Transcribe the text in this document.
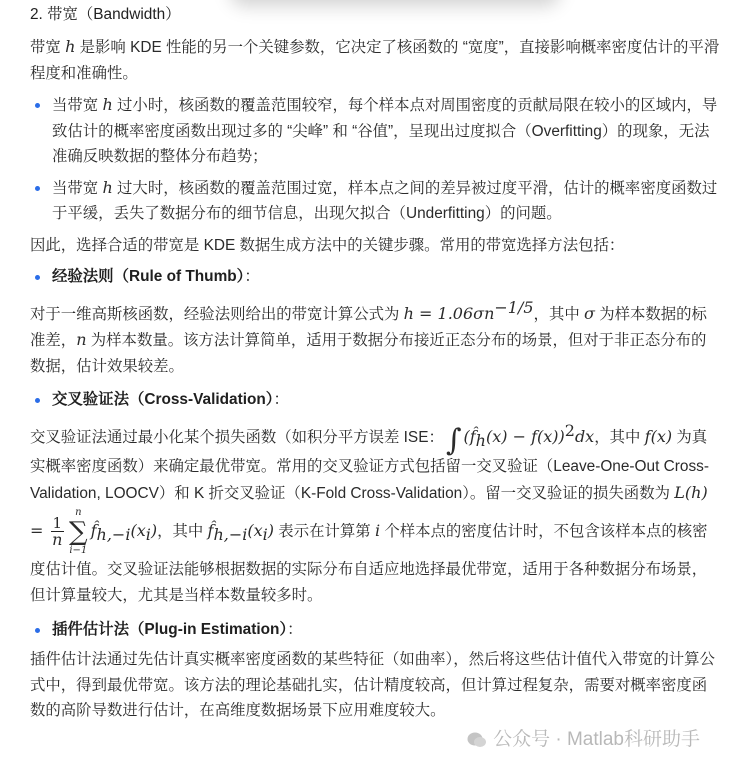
2. 带宽（Bandwidth）

带宽 h 是影响 KDE 性能的另一个关键参数，它决定了核函数的 “宽度”，直接影响概率密度估计的平滑程度和准确性。

当带宽 h 过小时，核函数的覆盖范围较窄，每个样本点对周围密度的贡献局限在较小的区域内，导致估计的概率密度函数出现过多的 “尖峰” 和 “谷值”，呈现出过度拟合（Overfitting）的现象，无法准确反映数据的整体分布趋势；
当带宽 h 过大时，核函数的覆盖范围过宽，样本点之间的差异被过度平滑，估计的概率密度函数过于平缓，丢失了数据分布的细节信息，出现欠拟合（Underfitting）的问题。

因此，选择合适的带宽是 KDE 数据生成方法中的关键步骤。常用的带宽选择方法包括：

经验法则（Rule of Thumb）：

对于一维高斯核函数，经验法则给出的带宽计算公式为 $h = 1.06\sigma n^{-1/5}$，其中 σ 为样本数据的标准差，n 为样本数量。该方法计算简单，适用于数据分布接近正态分布的场景，但对于非正态分布的数据，估计效果较差。

交叉验证法（Cross-Validation）：

交叉验证法通过最小化某个损失函数（如积分平方误差 ISE：∫ $(f̂_h(x) - f(x))^2dx$，其中 f(x) 为真实概率密度函数）来确定最优带宽。常用的交叉验证方式包括留一交叉验证（Leave-One-Out Cross-Validation, LOOCV）和 K 折交叉验证（K-Fold Cross-Validation）。留一交叉验证的损失函数为 $L(h) = \frac{1}{n}$
n
∑
i−1
$f̂_{h,-i}(x_i)$，其中 $f̂_{h,-i}(x_i)$ 表示在计算第 i 个样本点的密度估计时，不包含该样本点的核密度估计值。交叉验证法能够根据数据的实际分布自适应地选择最优带宽，适用于各种数据分布场景，但计算量较大，尤其是当样本数量较多时。

插件估计法（Plug-in Estimation）：

插件估计法通过先估计真实概率密度函数的某些特征（如曲率），然后将这些估计值代入带宽的计算公式中，得到最优带宽。该方法的理论基础扎实，估计精度较高，但计算过程复杂，需要对概率密度函数的高阶导数进行估计，在高维度数据场景下应用难度较大。

公众号 · Matlab科研助手
